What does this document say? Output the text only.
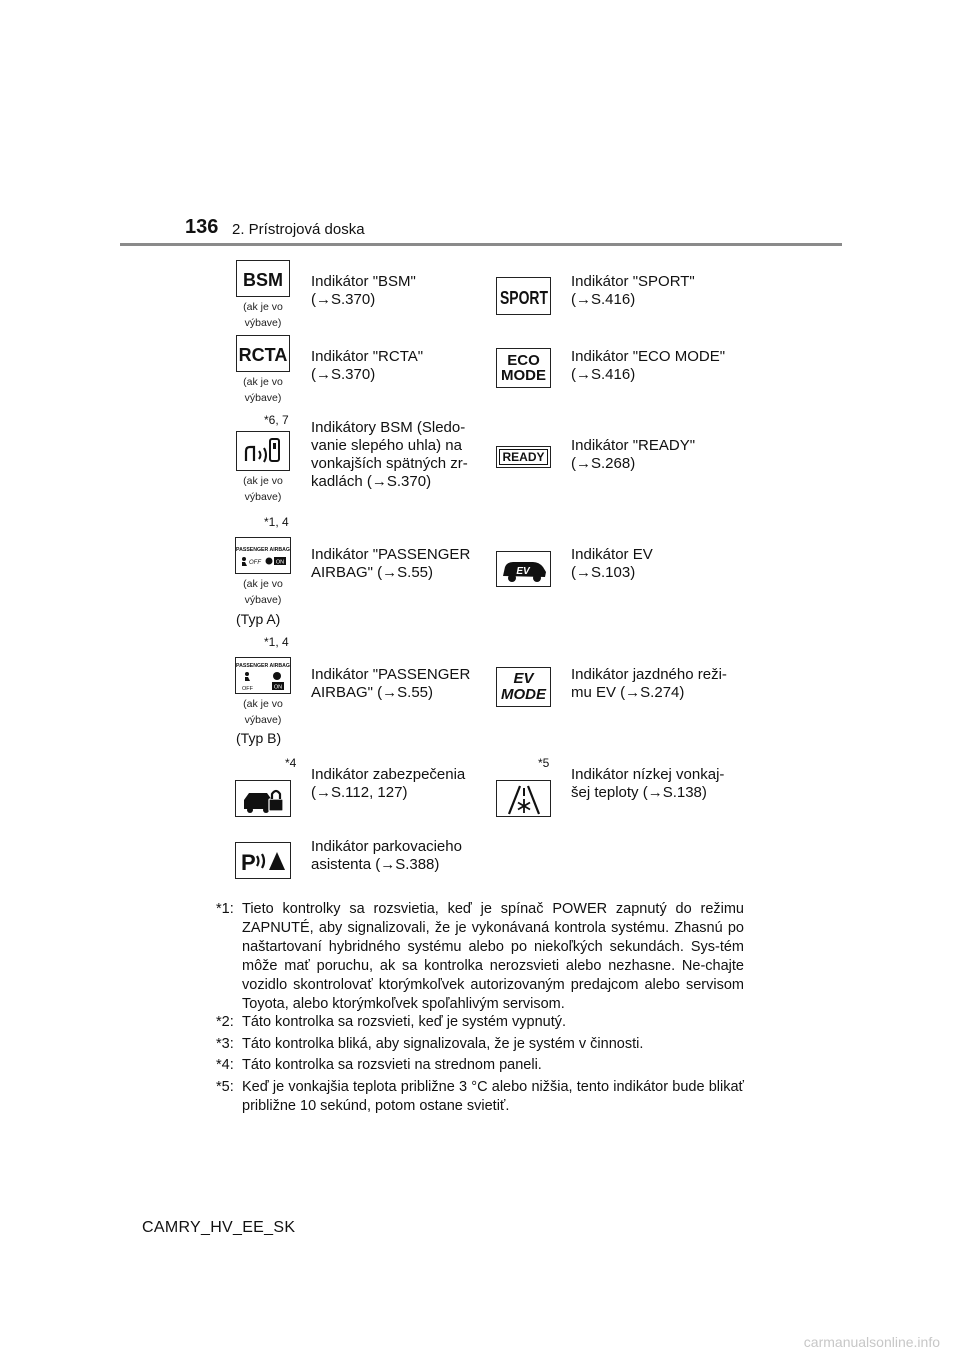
136 2. Prístrojová doska
BSM
(ak je vo výbave)
Indikátor "BSM"
(→S.370)
RCTA
(ak je vo výbave)
Indikátor "RCTA"
(→S.370)
*6, 7
(ak je vo výbave)
Indikátory BSM (Sledo-
vanie slepého uhla) na
vonkajších spätných zr-
kadlách (→S.370)
*1, 4
PASSENGER AIRBAG
OFF	ON
(ak je vo výbave)
(Typ A)
Indikátor "PASSENGER
AIRBAG" (→S.55)
*1, 4
PASSENGER AIRBAG
OFF	ON
(ak je vo výbave)
(Typ B)
Indikátor "PASSENGER
AIRBAG" (→S.55)
*4
Indikátor zabezpečenia
(→S.112, 127)
P
Indikátor parkovacieho
asistenta (→S.388)
SPORT
Indikátor "SPORT"
(→S.416)
ECO
MODE
Indikátor "ECO MODE"
(→S.416)
READY
Indikátor "READY"
(→S.268)
EV
Indikátor EV
(→S.103)
EV
MODE
Indikátor jazdného reži-
mu EV (→S.274)
*5
Indikátor nízkej vonkaj-
šej teploty (→S.138)
*1: Tieto kontrolky sa rozsvietia, keď je spínač POWER zapnutý do režimu ZAPNUTÉ, aby signalizovali, že je vykonávaná kontrola systému. Zhasnú po naštartovaní hybridného systému alebo po niekoľkých sekundách. Sys-tém môže mať poruchu, ak sa kontrolka nerozsvieti alebo nezhasne. Ne-chajte vozidlo skontrolovať ktorýmkoľvek autorizovaným predajcom alebo servisom Toyota, alebo ktorýmkoľvek spoľahlivým servisom.
*2: Táto kontrolka sa rozsvieti, keď je systém vypnutý.
*3: Táto kontrolka bliká, aby signalizovala, že je systém v činnosti.
*4: Táto kontrolka sa rozsvieti na strednom paneli.
*5: Keď je vonkajšia teplota približne 3 °C alebo nižšia, tento indikátor bude blikať približne 10 sekúnd, potom ostane svietiť.
CAMRY_HV_EE_SK
carmanualsonline.info
